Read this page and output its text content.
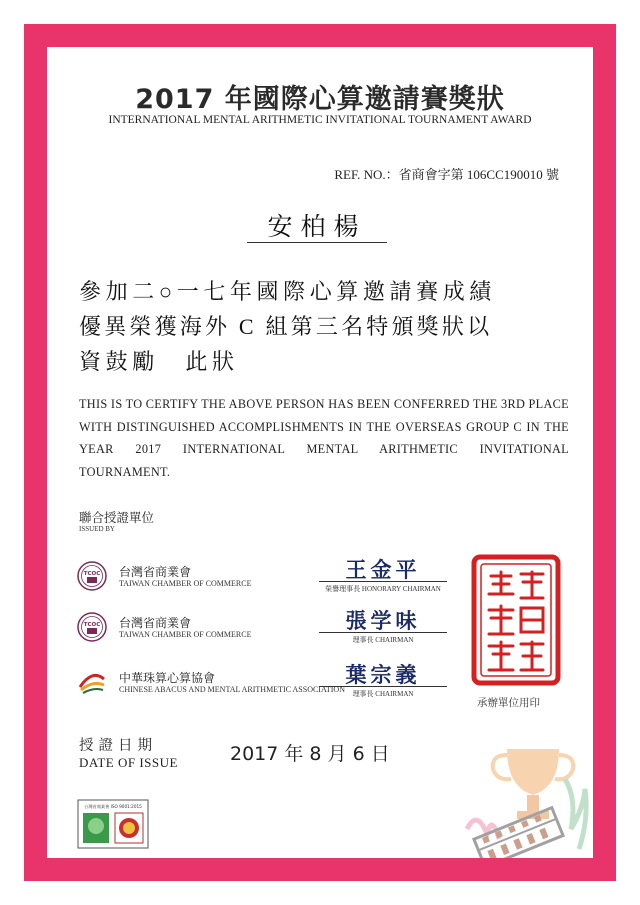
2017 年國際心算邀請賽獎狀
INTERNATIONAL MENTAL ARITHMETIC INVITATIONAL TOURNAMENT AWARD
REF. NO.：省商會字第 106CC190010 號
安柏楊
參加二○一七年國際心算邀請賽成績
優異榮獲海外 C 組第三名特頒獎狀以
資鼓勵　此狀
THIS IS TO CERTIFY THE ABOVE PERSON HAS BEEN CONFERRED THE 3RD PLACE WITH DISTINGUISHED ACCOMPLISHMENTS IN THE OVERSEAS GROUP C IN THE YEAR 2017 INTERNATIONAL MENTAL ARITHMETIC INVITATIONAL TOURNAMENT.
聯合授證單位
ISSUED BY
TCOC 台灣省商業會
TAIWAN CHAMBER OF COMMERCE
TCOC 台灣省商業會
TAIWAN CHAMBER OF COMMERCE
中華珠算心算協會
CHINESE ABACUS AND MENTAL ARITHMETIC ASSOCIATION
王金平
榮譽理事長 HONORARY CHAIRMAN
張学味
理事長 CHAIRMAN
葉宗義
理事長 CHAIRMAN
承辦單位用印
授證日期
DATE OF ISSUE	2017 年 8 月 6 日
台灣省商業會 ISO 9001:2015
